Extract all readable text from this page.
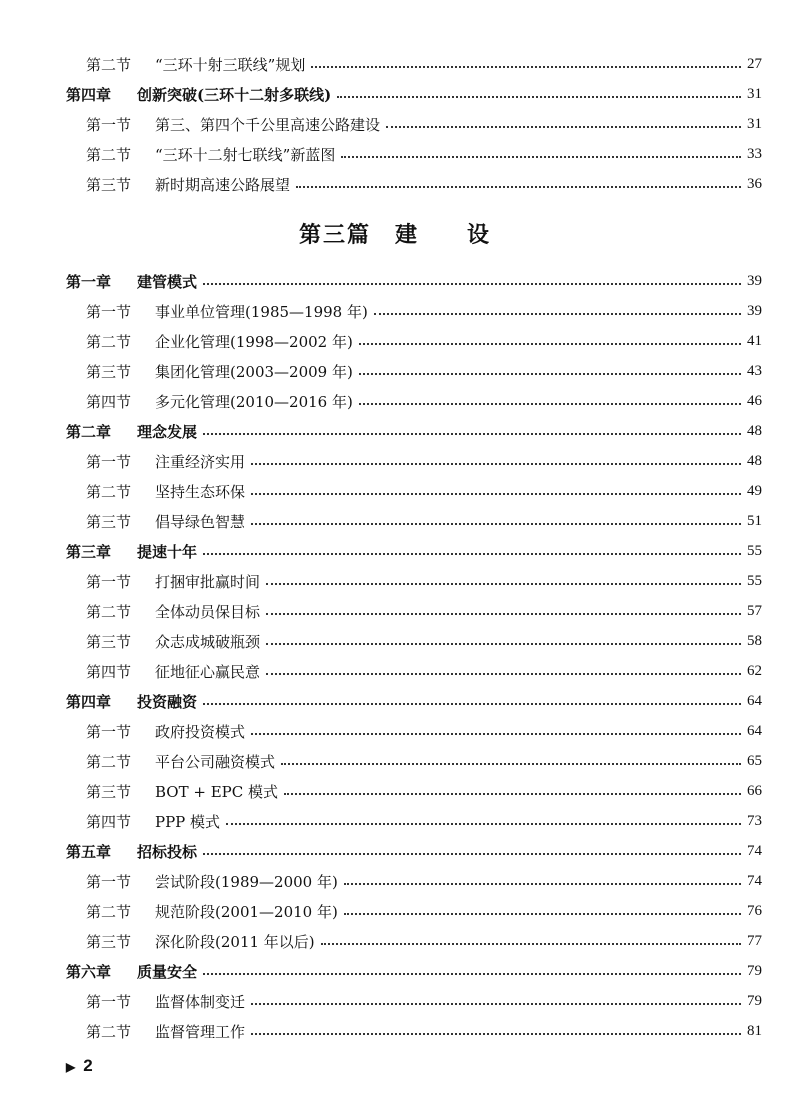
第二节	“三环十射三联线”规划	27
第四章	创新突破(三环十二射多联线)	31
第一节	第三、第四个千公里高速公路建设	31
第二节	“三环十二射七联线”新蓝图	33
第三节	新时期高速公路展望	36
第三篇　建　　设
第一章	建管模式	39
第一节	事业单位管理(1985—1998 年)	39
第二节	企业化管理(1998—2002 年)	41
第三节	集团化管理(2003—2009 年)	43
第四节	多元化管理(2010—2016 年)	46
第二章	理念发展	48
第一节	注重经济实用	48
第二节	坚持生态环保	49
第三节	倡导绿色智慧	51
第三章	提速十年	55
第一节	打捆审批赢时间	55
第二节	全体动员保目标	57
第三节	众志成城破瓶颈	58
第四节	征地征心赢民意	62
第四章	投资融资	64
第一节	政府投资模式	64
第二节	平台公司融资模式	65
第三节	BOT + EPC 模式	66
第四节	PPP 模式	73
第五章	招标投标	74
第一节	尝试阶段(1989—2000 年)	74
第二节	规范阶段(2001—2010 年)	76
第三节	深化阶段(2011 年以后)	77
第六章	质量安全	79
第一节	监督体制变迁	79
第二节	监督管理工作	81
▶ 2
